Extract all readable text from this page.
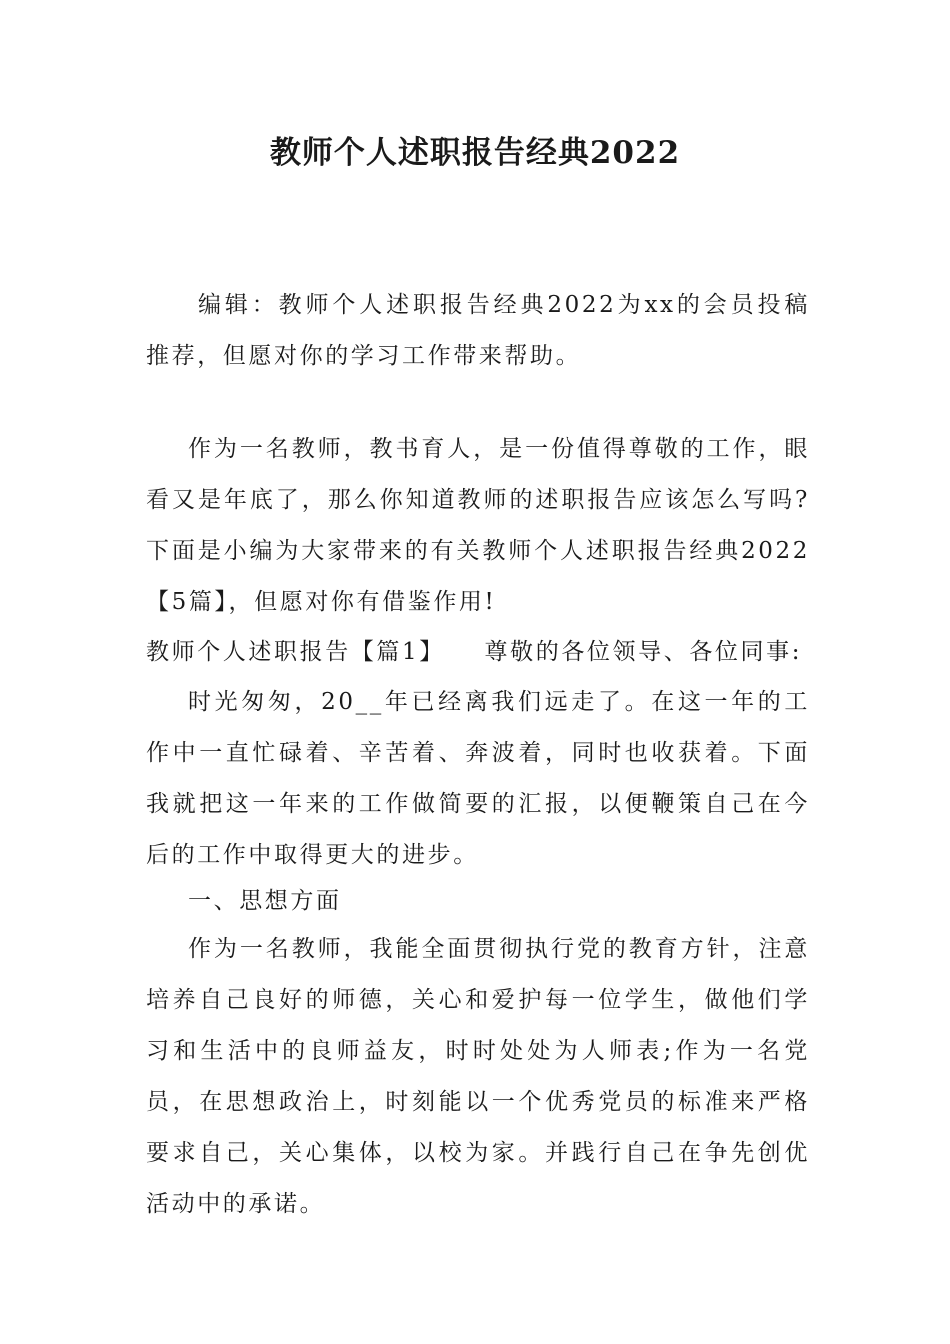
教师个人述职报告经典2022

编辑：教师个人述职报告经典2022为xx的会员投稿推荐，但愿对你的学习工作带来帮助。

作为一名教师，教书育人，是一份值得尊敬的工作，眼看又是年底了，那么你知道教师的述职报告应该怎么写吗?下面是小编为大家带来的有关教师个人述职报告经典2022【5篇】，但愿对你有借鉴作用!

教师个人述职报告【篇1】　　尊敬的各位领导、各位同事:

时光匆匆，20__年已经离我们远走了。在这一年的工作中一直忙碌着、辛苦着、奔波着，同时也收获着。下面我就把这一年来的工作做简要的汇报，以便鞭策自己在今后的工作中取得更大的进步。

一、思想方面

作为一名教师，我能全面贯彻执行党的教育方针，注意培养自己良好的师德，关心和爱护每一位学生，做他们学习和生活中的良师益友，时时处处为人师表;作为一名党员，在思想政治上，时刻能以一个优秀党员的标准来严格要求自己，关心集体，以校为家。并践行自己在争先创优活动中的承诺。
